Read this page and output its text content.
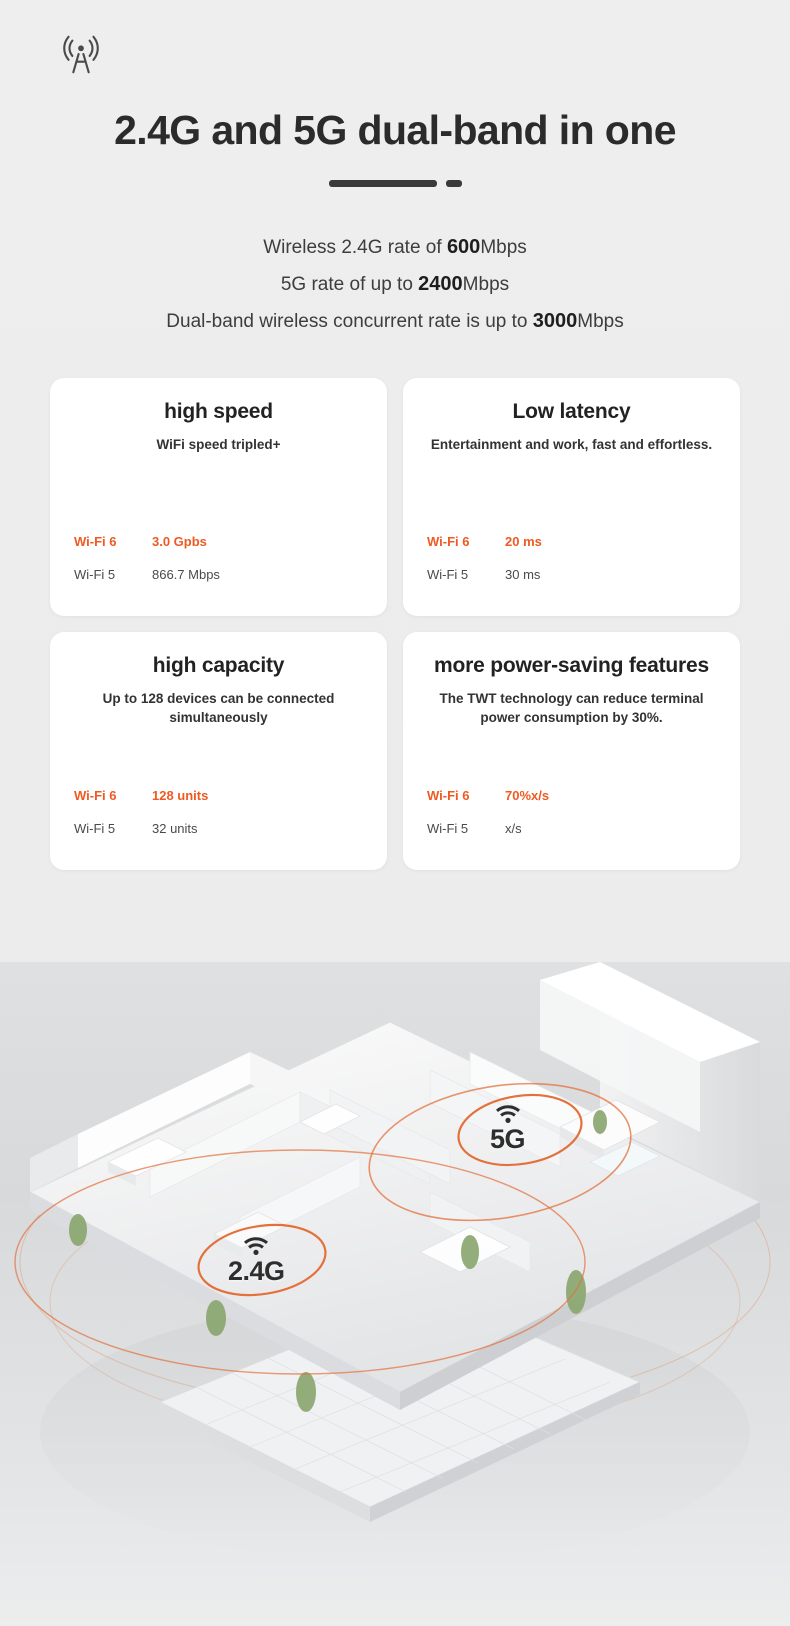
2.4G and 5G dual-band in one
Wireless 2.4G rate of 600Mbps
5G rate of up to 2400Mbps
Dual-band wireless concurrent rate is up to 3000Mbps
high speed
WiFi speed tripled+
Wi-Fi 6	3.0 Gpbs
Wi-Fi 5	866.7 Mbps
Low latency
Entertainment and work, fast and effortless.
Wi-Fi 6	20 ms
Wi-Fi 5	30 ms
high capacity
Up to 128 devices can be connected simultaneously
Wi-Fi 6	128 units
Wi-Fi 5	32 units
more power-saving features
The TWT technology can reduce terminal power consumption by 30%.
Wi-Fi 6	70%x/s
Wi-Fi 5	x/s
5G
2.4G
